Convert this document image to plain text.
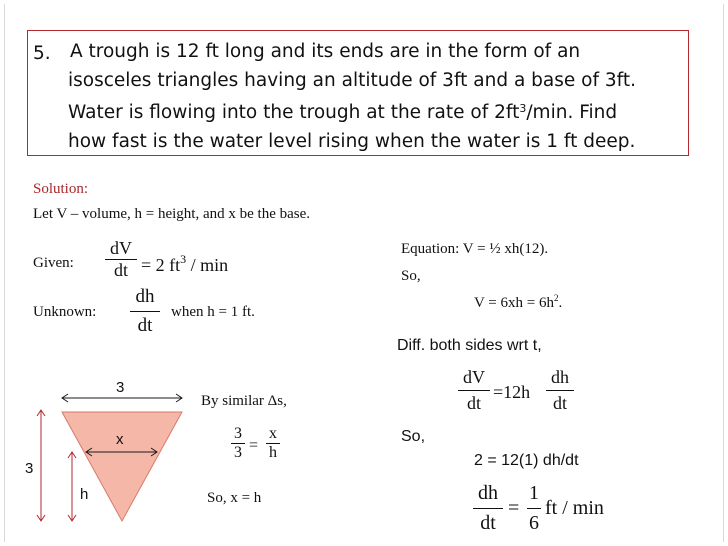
5. A trough is 12 ft long and its ends are in the form of an
isosceles triangles having an altitude of 3ft and a base of 3ft.
Water is flowing into the trough at the rate of $2ft^3/\min$. Find
how fast is the water level rising when the water is 1 ft deep.
Solution:
Let V – volume, h = height, and x be the base.
Given:
dV
dt = 2 $ft^3$ / min
Unknown:
dh
dt
when h = 1 ft.
3
x
3
h
By similar Δs,
3
3 =
x
h
So, x = h
Equation: V = ½ xh(12).
So,
$V = 6xh = 6h^2$.
Diff. both sides wrt t,
dV
dt
=12h
dh
dt
So,
2 = 12(1) dh/dt
dh
dt
=
1
6
ft / min
